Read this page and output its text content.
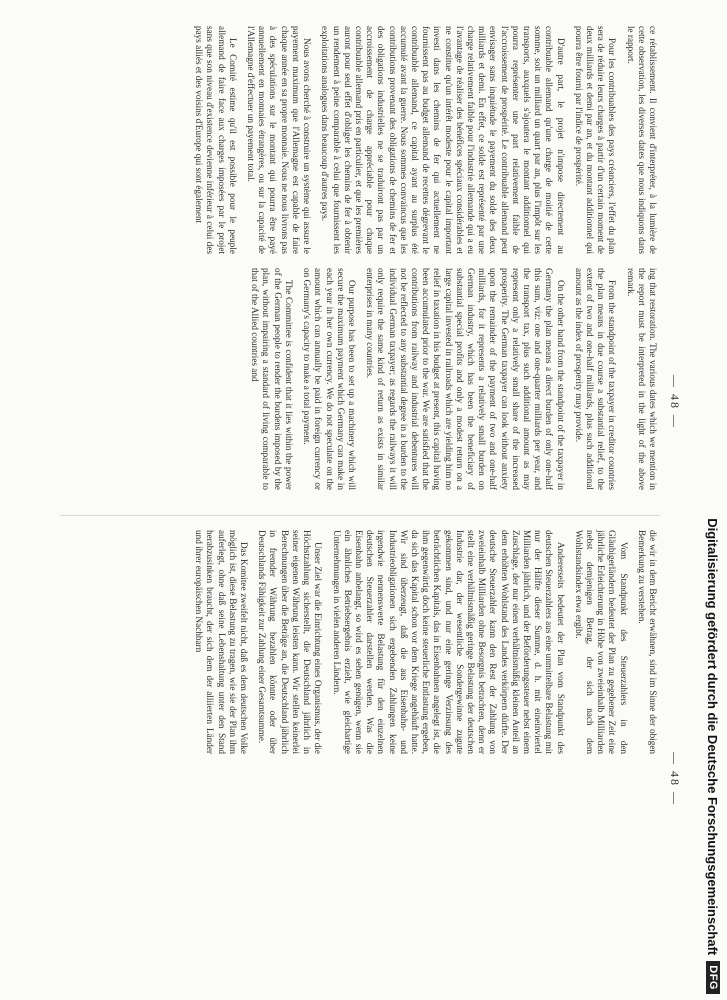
— 48 —
— 48 —

ce rétablissement. Il convient d'interpréter, à la lumière de cette observation, les diverses dates que nous indiquons dans le rapport.

Pour les contribuables des pays créanciers, l'effet du plan sera de réduire leurs charges à partir d'un certain moment de deux milliards et demi par an, et du montant additionnel qui pourra être fourni par l'indice de prospérité.

D'autre part, le projet n'impose directement au contribuable allemand qu'une charge de moitié de cette somme, soit un milliard un quart par an, plus l'impôt sur les transports, auxquels s'ajoutera le montant additionnel qui pourra représenter une part relativement faible de l'accroissement de prospérité. Le contribuable allemand peut envisager sans inquiétude le payement du solde des deux milliards et demi. En effet, ce solde est représenté par une charge relativement faible pour l'industrie allemande qui a eu l'avantage de réaliser des bénéfices spéciaux considérables et ne constitue qu'un intérêt modeste pour le capital important investi dans les chemins de fer qui actuellement ne fournissent pas au budget allemand de recettes dégrevant le contribuable allemand, ce capital ayant au surplus été accumulé avant la guerre. Nous sommes convaincus que les contributions provenant des obligations de chemins de fer et des obligations industrielles ne se traduiront pas par un accroissement de charge appréciable pour chaque contribuable allemand pris en particulier, et que les premières auront pour seul effet d'obliger les chemins de fer à obtenir un rendement à peine comparable à celui que fournissent les exploitations analogues dans beaucoup d'autres pays.

Nous avons cherché à construire un système qui assure le payement maximum que l'Allemagne est capable de faire chaque année en sa propre monnaie. Nous ne nous livrons pas à des spéculations sur le montant qui pourra être payé annuellement en monnaies étrangères, ou sur la capacité de l'Allemagne d'effectuer un payement total.

Le Comité estime qu'il est possible pour le peuple allemand de faire face aux charges imposées par le projet sans que son niveau d'existence devienne inférieur à celui des pays alliés et des voisins d'Europe qui sont également

ing that restoration. The various dates which we mention in the report must be interpreted in the light of the above remark.

From the standpoint of the taxpayer in creditor countries the plan means in due course a substantial relief, to the extent of two and one-half milliards, plus such additional amount as the index of prosperity may provide.

On the other hand from the standpoint of the taxpayer in Germany the plan means a direct burden of only one-half this sum, viz: one and one-quarter milliards per year, and the transport tax, plus such additional amount as may represent only a relatively small share of the increased prosperity. The German taxpayer can look without anxiety upon the remainder of the payment of two and one-half milliards, for it represents a relatively small burden on German industry, which has been the beneficiary of substantial special profits and only a modest return on a large capital invested in railroads which are yielding him no relief in taxation in his budget at present, this capital having been accumulated prior to the war. We are satisfied that the contributions from railway and industrial debentures will not be reflected to any substantial degree in a burden to the individual German taxpayer; as regards the railways it will only require the same kind of return as exists in similar enterprises in many countries.

Our purpose has been to set up a machinery which will secure the maximum payment which Germany can make in each year in her own currency. We do not speculate on the amount which can annually be paid in foreign currency or on Germany's capacity to make a total payment.

The Committee is confident that it lies within the power of the German people to render the burdens imposed by the plan, without impairing a standard of living comparable to that of the Allied countries and

die wir in dem Bericht erwähnen, sind im Sinne der obigen Bemerkung zu verstehen.

Vom Standpunkt des Steuerzahlers in den Gläubigerländern bedeutet der Plan zu gegebener Zeit eine jährliche Erleichterung in Höhe von zweieinhalb Milliarden nebst demjenigen Betrag, der sich nach dem Wohlstandsindex etwa ergibt.

Andererseits bedeutet der Plan vom Standpunkt des deutschen Steuerzahlers aus eine unmittelbare Belastung mit nur der Hälfte dieser Summe, d. h. mit eineinviertel Milliarden jährlich, und der Beförderungssteuer nebst einem Zuschlage, der nur einen verhältnismäßig kleinen Anteil an dem erhöhten Wohlstand des Landes verkörpern dürfte. Der deutsche Steuerzahler kann den Rest der Zahlung von zweieinhalb Milliarden ohne Besorgnis betrachten, denn er stellt eine verhältnismäßig geringe Belastung der deutschen Industrie dar, der wesentliche Sondergewinne zugute gekommen sind, und nur eine geringe Verzinsung des beträchtlichen Kapitals, das in Eisenbahnen angelegt ist, die ihm gegenwärtig doch keine steuerliche Entlastung ergeben, da sich das Kapital schon vor dem Kriege angehäuft hatte. Wir sind überzeugt, daß die aus Eisenbahn- und Industrieobligationen sich ergebenden Zahlungen keine irgendwie nennenswerte Belastung für den einzelnen deutschen Steuerzahler darstellen werden. Was die Eisenbahn anbelangt, so wird es sehen genügen, wenn sie ein ähnliches Betriebsergebnis erzielt, wie gleichartige Unternehmungen in vielen anderen Ländern.

Unser Ziel war die Einrichtung eines Organismus, der die Höchstzahlung sicherstellt, die Deutschland jährlich in seiner eigenen Währung leisten kann. Wir stellen keinerlei Berechnungen über die Beträge an, die Deutschland jährlich in fremder Währung bezahlen könnte oder über Deutschlands Fähigkeit zur Zahlung einer Gesamtsumme.

Das Komitee zweifelt nicht, daß es dem deutschen Volke möglich ist, diese Belastung zu tragen, wie sie der Plan ihm auferlegt, ohne daß seine Lebenshaltung unter den Stand herabzusinken braucht, der sich dem der alliierten Länder und ihrer europäischen Nachbarn	Digitalisierung gefördert durch die Deutsche Forschungsgemeinschaft
DFG
